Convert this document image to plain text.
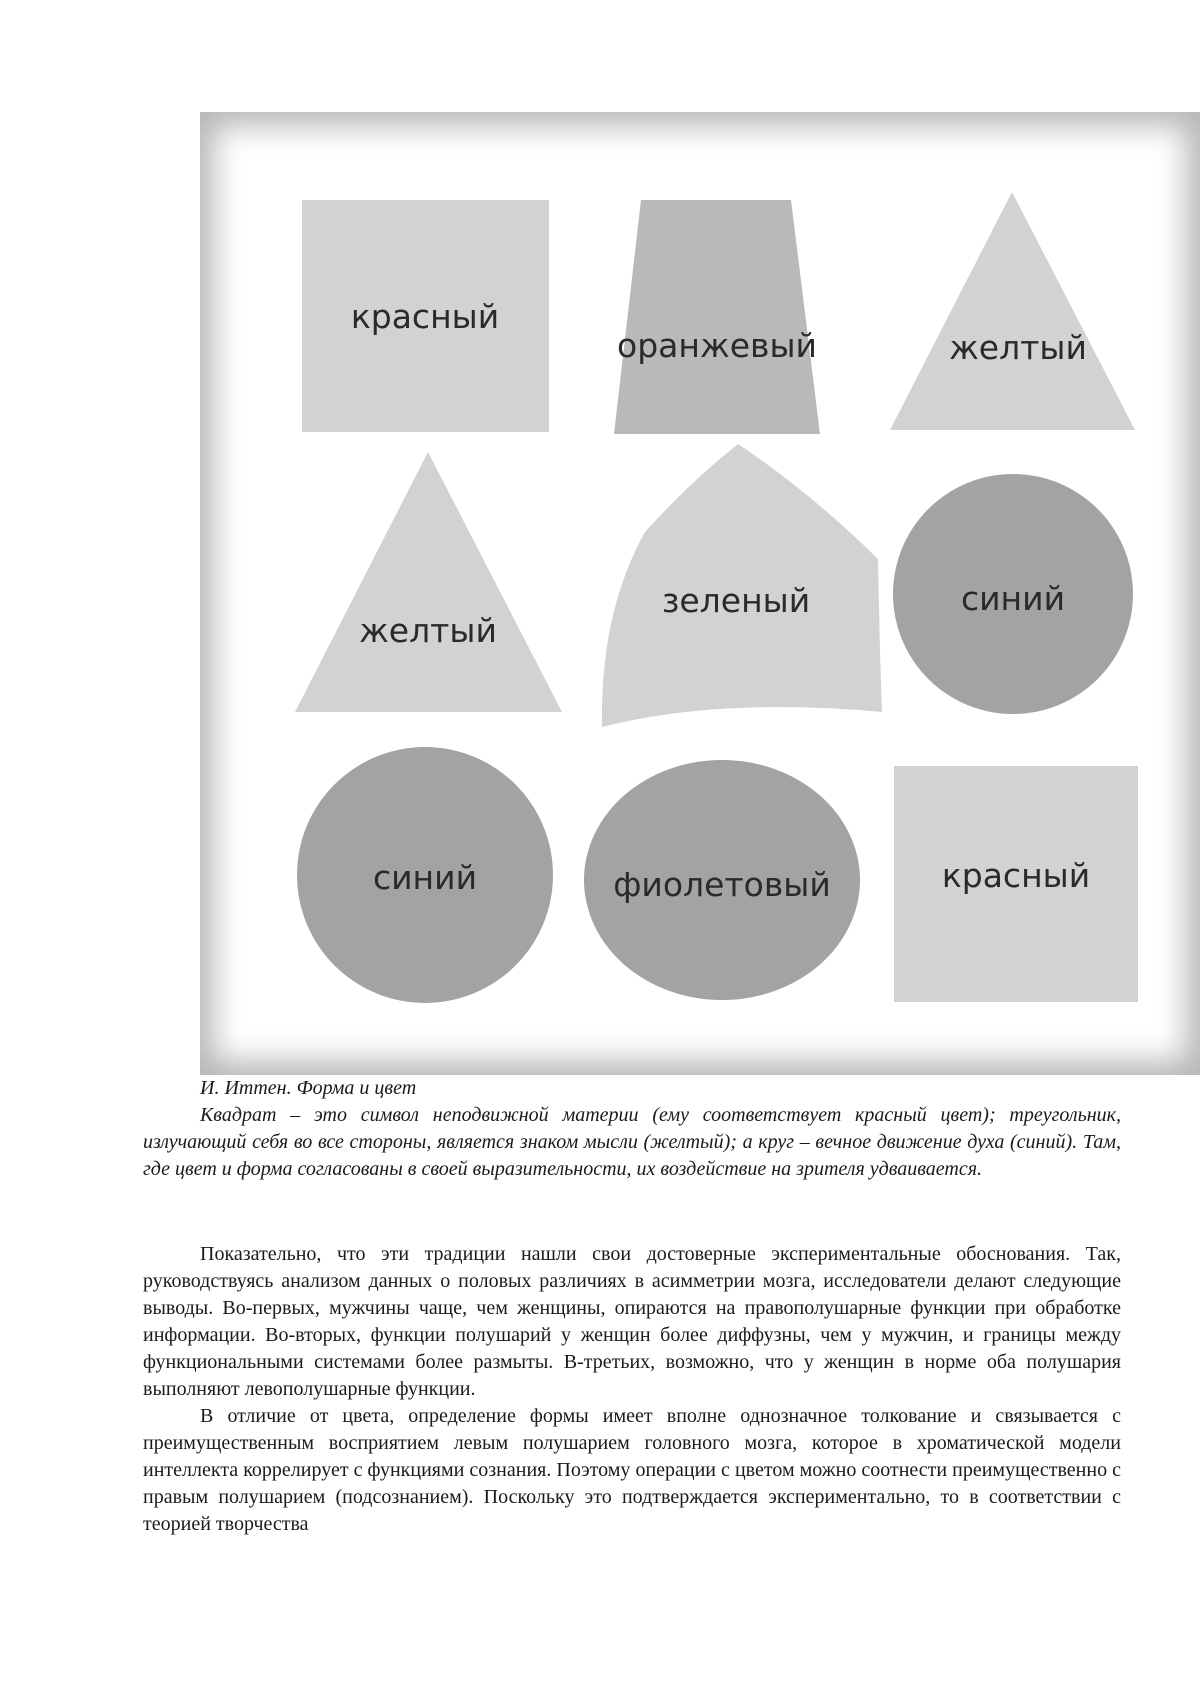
красный
оранжевый	желтый
желтый
зеленый	синий
синий	фиолетовый	красный

И. Иттен. Форма и цвет

Квадрат – это символ неподвижной материи (ему соответствует красный цвет); треугольник, излучающий себя во все стороны, является знаком мысли (желтый); а круг – вечное движение духа (синий). Там, где цвет и форма согласованы в своей выразительности, их воздействие на зрителя удваивается.

Показательно, что эти традиции нашли свои достоверные экспериментальные обоснования. Так, руководствуясь анализом данных о половых различиях в асимметрии мозга, исследователи делают следующие выводы. Во-первых, мужчины чаще, чем женщины, опираются на правополушарные функции при обработке информации. Во-вторых, функции полушарий у женщин более диффузны, чем у мужчин, и границы между функциональными системами более размыты. В-третьих, возможно, что у женщин в норме оба полушария выполняют левополушарные функции.

В отличие от цвета, определение формы имеет вполне однозначное толкование и связывается с преимущественным восприятием левым полушарием головного мозга, которое в хроматической модели интеллекта коррелирует с функциями сознания. Поэтому операции с цветом можно соотнести преимущественно с правым полушарием (подсознанием). Поскольку это подтверждается экспериментально, то в соответствии с теорией творчества
